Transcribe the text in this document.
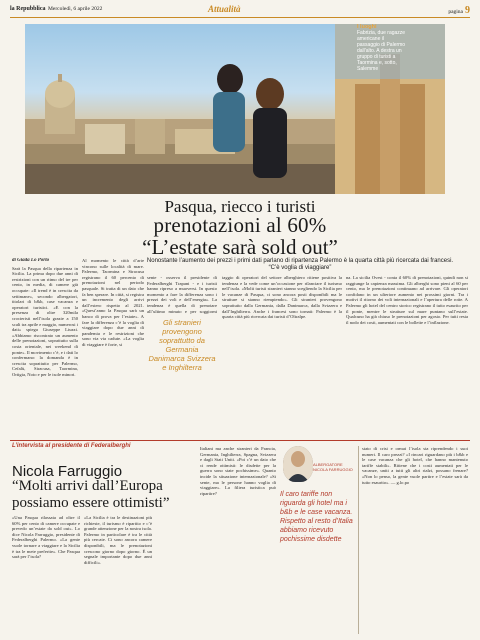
la Repubblica Mercoledì, 6 aprile 2022	Attualità	pagina 9
I luoghi
Fabrizia, due ragazze americane il passaggio di Palermo dall'alto. A destra un gruppo di turisti a Taormina e, sotto, Salemme
Pasqua, riecco i turisti
prenotazioni al 60%
“L’estate sarà sold out”
Nonostante l’aumento dei prezzi i primi dati parlano di ripartenza Palermo è la quarta città più ricercata dai francesi. “C’è voglia di viaggiare”
di Giada Lo Porto
Sarà la Pasqua della ripartenza in Sicilia. La prima dopo due anni di restrizioni con un ritmo del tre per cento, in media, di camere già occupate: «Il trend è in crescita da settimane», secondo albergatori, titolari di b&b, case vacanza e operatori turistici. «E con la presenza di oltre 320mila crocieristi nell’isola grazie a 150 scali tra aprile e maggio, numerosi i dati» spiega Giuseppe Liuzzi. «Abbiamo riscontrato un aumento delle prenotazioni, soprattutto sulla costa orientale, nei weekend di ponte». Il movimento c’è, e i dati lo confermano: la domanda è in crescita soprattutto per Palermo, Cefalù, Siracusa, Taormina, Ortigia, Noto e per le isole minori.
Al momento le città d’arte vincono sulle località di mare. Palermo, Taormina e Siracusa registrano il 60 percento di prenotazioni nel periodo pasquale. Si tratta di un dato che fa ben sperare. In città, si registra un incremento degli arrivi dall’estero rispetto al 2021. «Quest’anno la Pasqua sarà un banco di prova per l’estate». A fare la differenza c’è la voglia di viaggiare dopo due anni di pandemia e le restrizioni che sono via via cadute. «La voglia di viaggiare è forte, si
sente - osserva il presidente di Federalberghi Trapani - e i turisti hanno ripreso a muoversi. In questo momento a fare la differenza sono i prezzi dei voli e dell’energia». La tendenza è quella di prenotare all’ultimo minuto e per soggiorni
Gli stranieri provengono soprattutto da Germania Danimarca Svizzera e Inghilterra
taggio di operatori del settore alberghiero ritiene positiva la tendenza e la vede come un’occasione per rilanciare il turismo nell’isola. «Molti turisti stranieri stanno scegliendo la Sicilia per le vacanze di Pasqua, ci sono ancora posti disponibili ma le strutture si stanno riempiendo». Gli stranieri provengono soprattutto dalla Germania, dalla Danimarca, dalla Svizzera e dall’Inghilterra. Anche i francesi sono tornati: Palermo è la quarta città più ricercata dai turisti d’Oltralpe.
na. La sicilia Ovest - conta il 60% di prenotazioni, quindi non si raggiunge la capienza massima. Gli alberghi sono pieni al 60 per cento, ma le prenotazioni continuano ad arrivare. Gli operatori confidano in un ulteriore aumento nei prossimi giorni. Tra i motivi il ritorno dei voli internazionali e l’apertura delle rotte. A Palermo gli hotel del centro storico registrano il tutto esaurito per il ponte, mentre le strutture sul mare puntano sull’estate. Qualcuno ha già chiuso le prenotazioni per agosto. Per tutti resta il nodo dei costi, aumentati con le bollette e l’inflazione.
L’intervista al presidente di Federalberghi
Nicola Farruggio
“Molti arrivi dall’Europa
possiamo essere ottimisti”
ALBERGATORE
NICOLA FARRUGGIO
Il caro tariffe non riguarda gli hotel ma i b&b e le case vacanza. Rispetto al resto d’Italia abbiamo ricevuto pochissime disdette
«Una Pasqua rilassata ad oltre il 60% per cento di camere occupate e prevedo un’estate da sold out». Lo dice Nicola Farruggio, presidente di Federalberghi Palermo. «La gente vuole tornare a viaggiare e la Sicilia è tra le mete preferite». Che Pasqua sarà per l’isola?
«La Sicilia è tra le destinazioni più richieste, il turismo è ripartito e c’è grande attenzione per la nostra isola. Palermo in particolare è tra le città più cercate. Ci sono ancora camere disponibili, ma le prenotazioni crescono giorno dopo giorno. È un segnale importante dopo due anni difficili».
Italiani ma anche stranieri da Francia, Germania, Inghilterra, Spagna, Svizzera e dagli Stati Uniti. «Poi c’è un dato che ci rende ottimisti: le disdette per la guerra sono state pochissime». Quanto incide la situazione internazionale? «Si sente, ma le persone hanno voglia di viaggiare». La filiera turistica può ripartire?
stato di crisi e ormai l’isola sta riprendendo i suoi numeri. Il caro prezzi? «I rincari riguardano più i b&b e le case vacanza che gli hotel, che hanno mantenuto tariffe stabili». Ritiene che i costi aumentati per le vacanze, uniti a tutti gli altri rialzi, possano frenare? «Non lo penso, la gente vuole partire e l’estate sarà da tutto esaurito». — g.lo.po
